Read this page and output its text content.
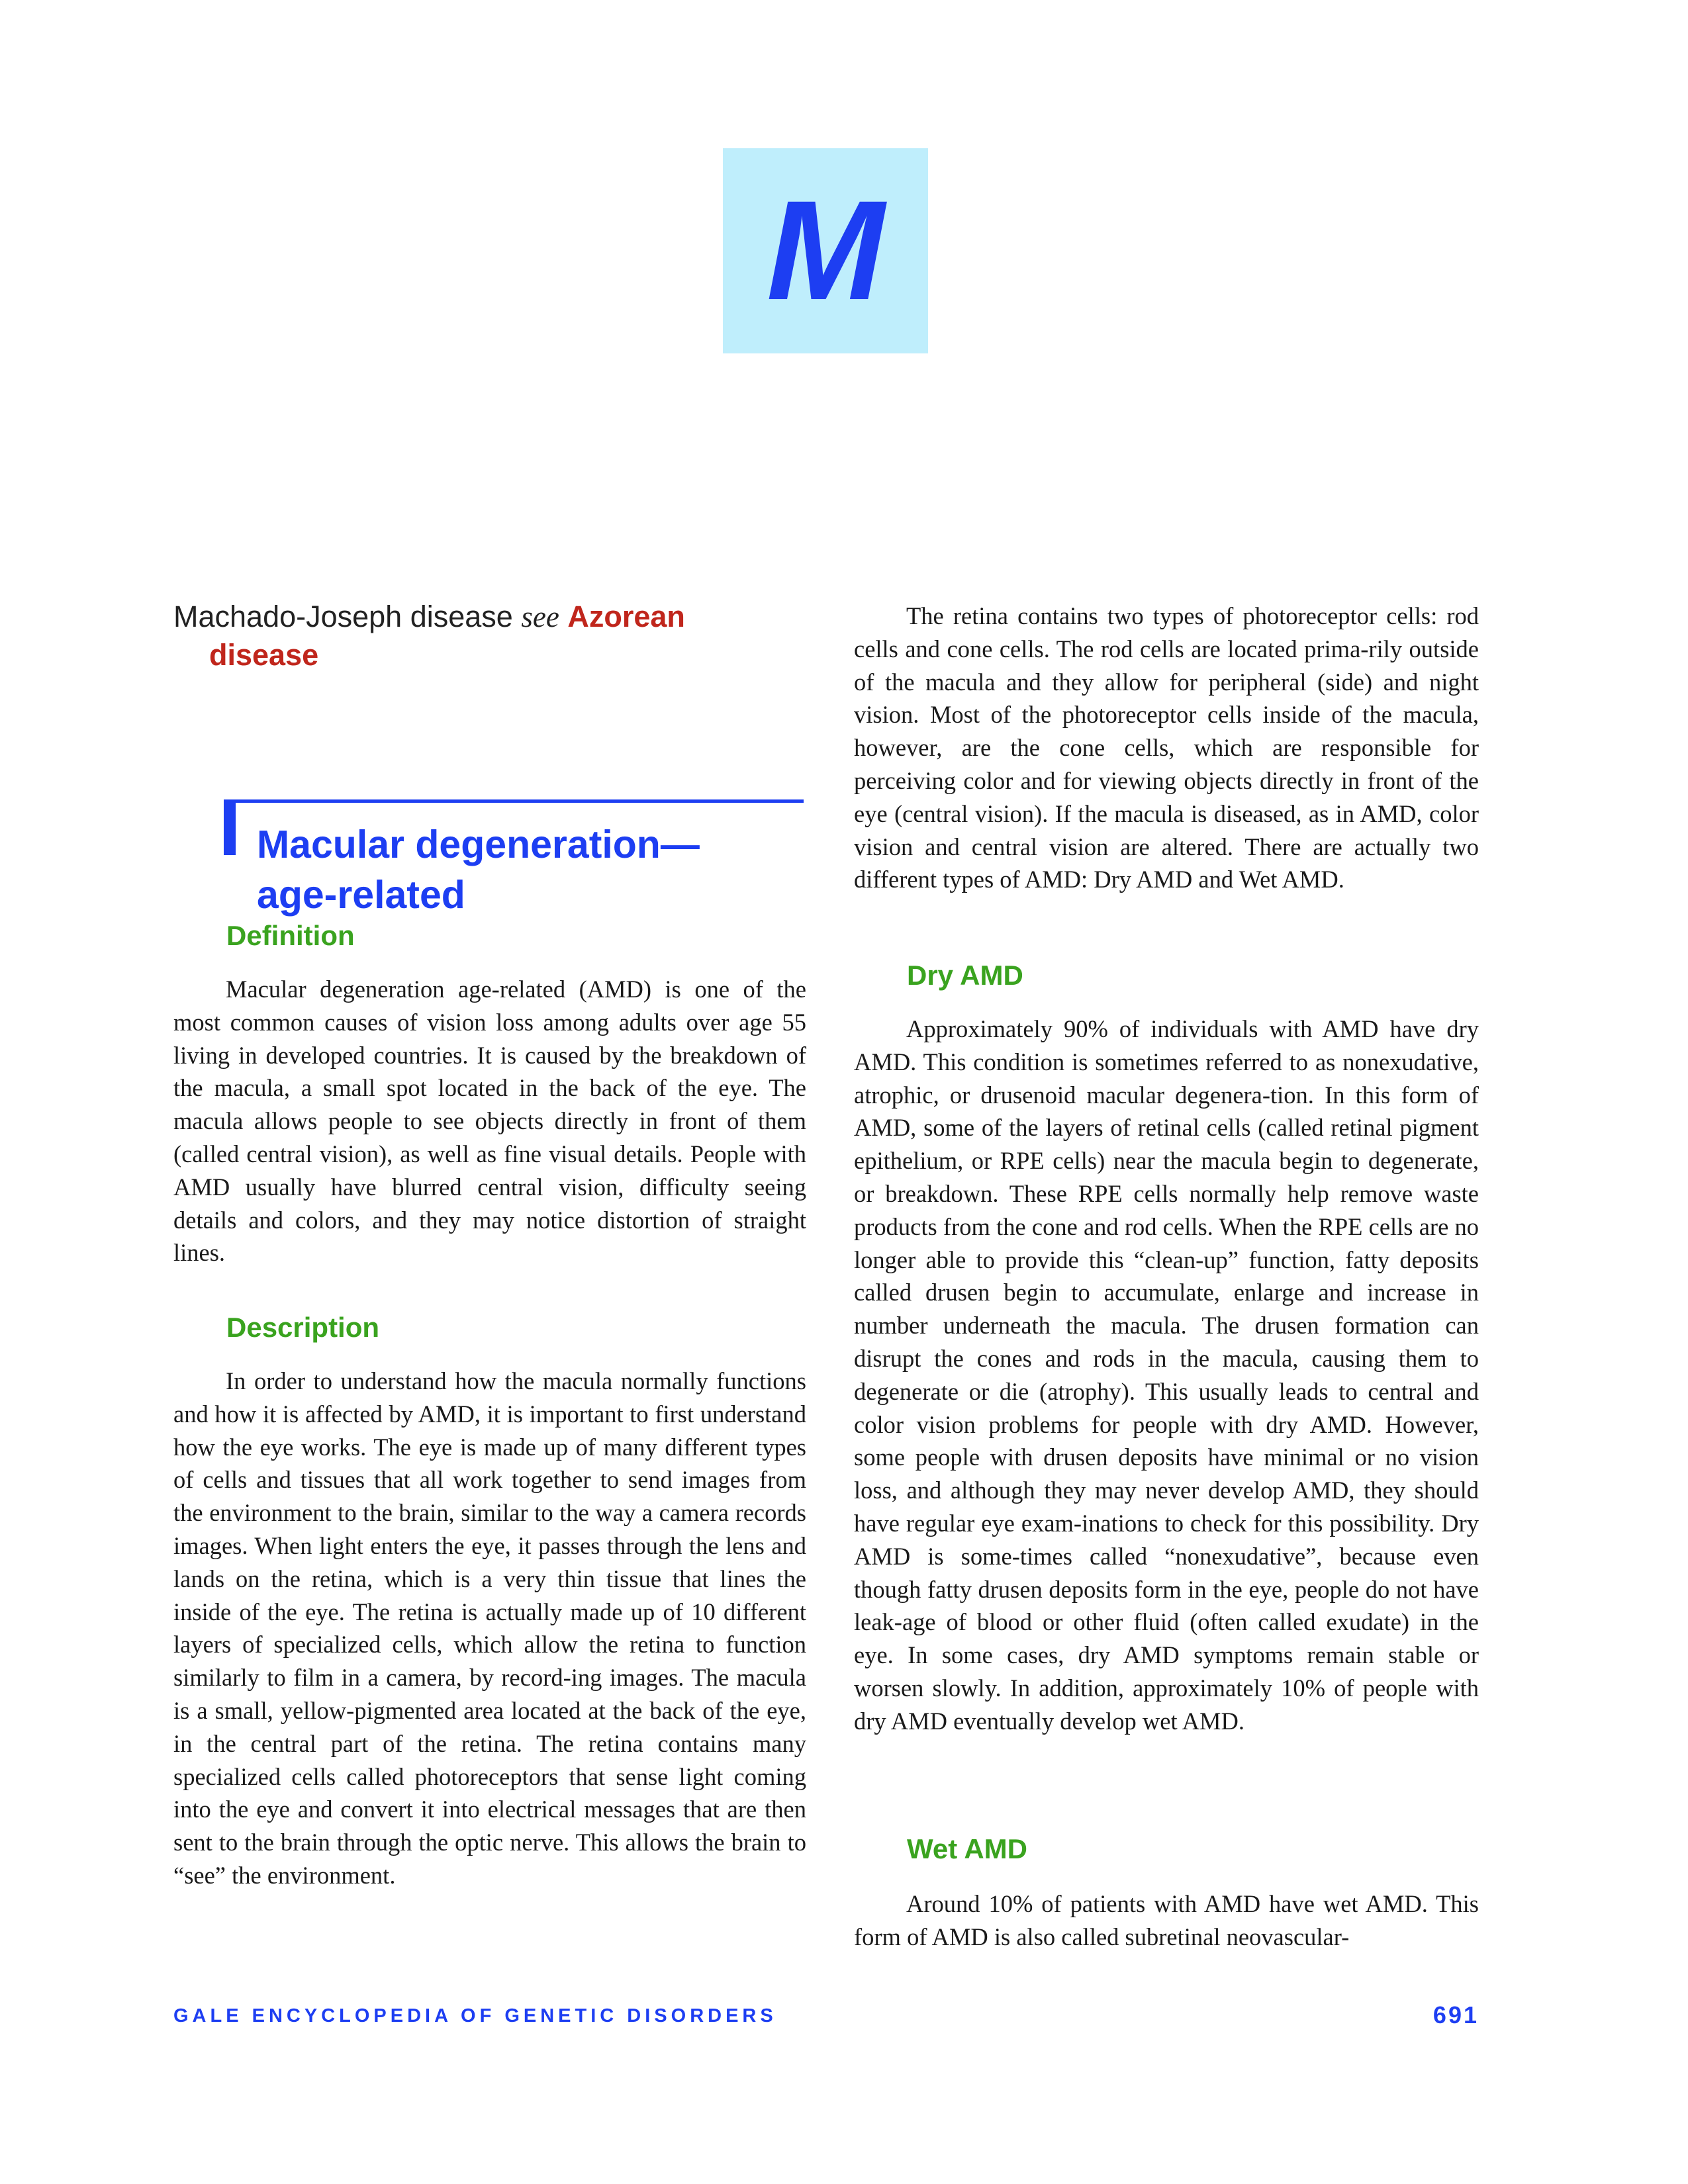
M
Machado-Joseph disease see Azorean
disease
Macular degeneration—
age-related
Definition

Macular degeneration age-related (AMD) is one of the most common causes of vision loss among adults over age 55 living in developed countries. It is caused by the breakdown of the macula, a small spot located in the back of the eye. The macula allows people to see objects directly in front of them (called central vision), as well as fine visual details. People with AMD usually have blurred central vision, difficulty seeing details and colors, and they may notice distortion of straight lines.

Description

In order to understand how the macula normally functions and how it is affected by AMD, it is important to first understand how the eye works. The eye is made up of many different types of cells and tissues that all work together to send images from the environment to the brain, similar to the way a camera records images. When light enters the eye, it passes through the lens and lands on the retina, which is a very thin tissue that lines the inside of the eye. The retina is actually made up of 10 different layers of specialized cells, which allow the retina to function similarly to film in a camera, by record-ing images. The macula is a small, yellow-pigmented area located at the back of the eye, in the central part of the retina. The retina contains many specialized cells called photoreceptors that sense light coming into the eye and convert it into electrical messages that are then sent to the brain through the optic nerve. This allows the brain to “see” the environment.

The retina contains two types of photoreceptor cells: rod cells and cone cells. The rod cells are located prima-rily outside of the macula and they allow for peripheral (side) and night vision. Most of the photoreceptor cells inside of the macula, however, are the cone cells, which are responsible for perceiving color and for viewing objects directly in front of the eye (central vision). If the macula is diseased, as in AMD, color vision and central vision are altered. There are actually two different types of AMD: Dry AMD and Wet AMD.

Dry AMD

Approximately 90% of individuals with AMD have dry AMD. This condition is sometimes referred to as nonexudative, atrophic, or drusenoid macular degenera-tion. In this form of AMD, some of the layers of retinal cells (called retinal pigment epithelium, or RPE cells) near the macula begin to degenerate, or breakdown. These RPE cells normally help remove waste products from the cone and rod cells. When the RPE cells are no longer able to provide this “clean-up” function, fatty deposits called drusen begin to accumulate, enlarge and increase in number underneath the macula. The drusen formation can disrupt the cones and rods in the macula, causing them to degenerate or die (atrophy). This usually leads to central and color vision problems for people with dry AMD. However, some people with drusen deposits have minimal or no vision loss, and although they may never develop AMD, they should have regular eye exam-inations to check for this possibility. Dry AMD is some-times called “nonexudative”, because even though fatty drusen deposits form in the eye, people do not have leak-age of blood or other fluid (often called exudate) in the eye. In some cases, dry AMD symptoms remain stable or worsen slowly. In addition, approximately 10% of people with dry AMD eventually develop wet AMD.

Wet AMD

Around 10% of patients with AMD have wet AMD. This form of AMD is also called subretinal neovascular-

GALE ENCYCLOPEDIA OF GENETIC DISORDERS	691
